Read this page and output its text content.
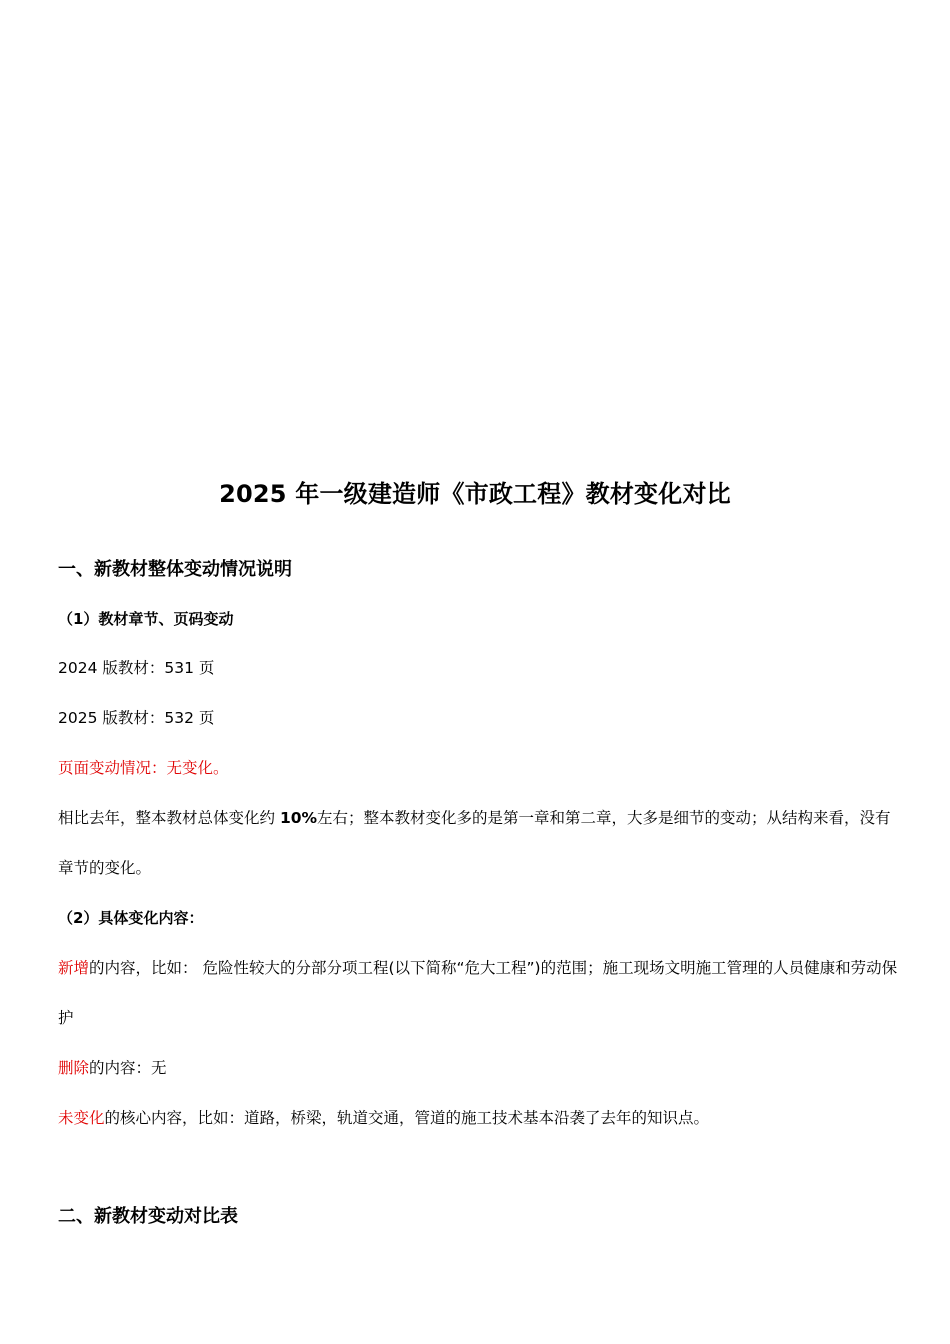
2025 年一级建造师《市政工程》教材变化对比
一、新教材整体变动情况说明
（1）教材章节、页码变动
2024 版教材：531 页
2025 版教材：532 页
页面变动情况：无变化。
相比去年，整本教材总体变化约 10%左右；整本教材变化多的是第一章和第二章，大多是细节的变动；从结构来看，没有章节的变化。
（2）具体变化内容：
新增的内容，比如： 危险性较大的分部分项工程(以下简称“危大工程”)的范围；施工现场文明施工管理的人员健康和劳动保护
删除的内容：无
未变化的核心内容，比如：道路，桥梁，轨道交通，管道的施工技术基本沿袭了去年的知识点。
二、新教材变动对比表
